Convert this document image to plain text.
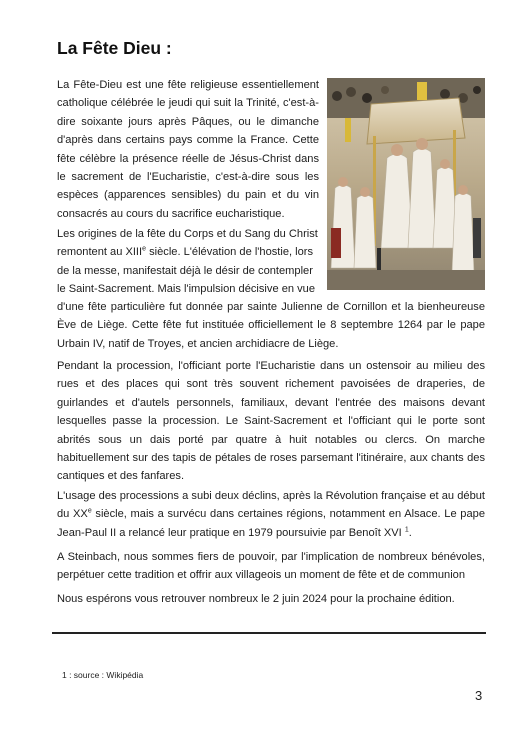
La Fête Dieu :
La Fête-Dieu est une fête religieuse essentiellement catholique célébrée le jeudi qui suit la Trinité, c'est-à-dire soixante jours après Pâques, ou le dimanche d'après dans certains pays comme la France. Cette fête célèbre la présence réelle de Jésus-Christ dans le sacrement de l'Eucharistie, c'est-à-dire sous les espèces (apparences sensibles) du pain et du vin consacrés au cours du sacrifice eucharistique.
Les origines de la fête du Corps et du Sang du Christ remontent au XIIIe siècle. L'élévation de l'hostie, lors de la messe, manifestait déjà le désir de contempler le Saint-Sacrement. Mais l'impulsion décisive en vue
d'une fête particulière fut donnée par sainte Julienne de Cornillon et la bienheureuse Ève de Liège. Cette fête fut instituée officiellement le 8 septembre 1264 par le pape Urbain IV, natif de Troyes, et ancien archidiacre de Liège.
Pendant la procession, l'officiant porte l'Eucharistie dans un ostensoir au milieu des rues et des places qui sont très souvent richement pavoisées de draperies, de guirlandes et d'autels personnels, familiaux, devant l'entrée des maisons devant lesquelles passe la procession. Le Saint-Sacrement et l'officiant qui le porte sont abrités sous un dais porté par quatre à huit notables ou clercs. On marche habituellement sur des tapis de pétales de roses parsemant l'itinéraire, aux chants des cantiques et des fanfares.
L'usage des processions a subi deux déclins, après la Révolution française et au début du XXe siècle, mais a survécu dans certaines régions, notamment en Alsace. Le pape Jean-Paul II a relancé leur pratique en 1979 poursuivie par Benoît XVI $^1$.
A Steinbach, nous sommes fiers de pouvoir, par l'implication de nombreux bénévoles, perpétuer cette tradition et offrir aux villageois un moment de fête et de communion
Nous espérons vous retrouver nombreux le 2 juin 2024 pour la prochaine édition.
1 : source : Wikipédia
3
